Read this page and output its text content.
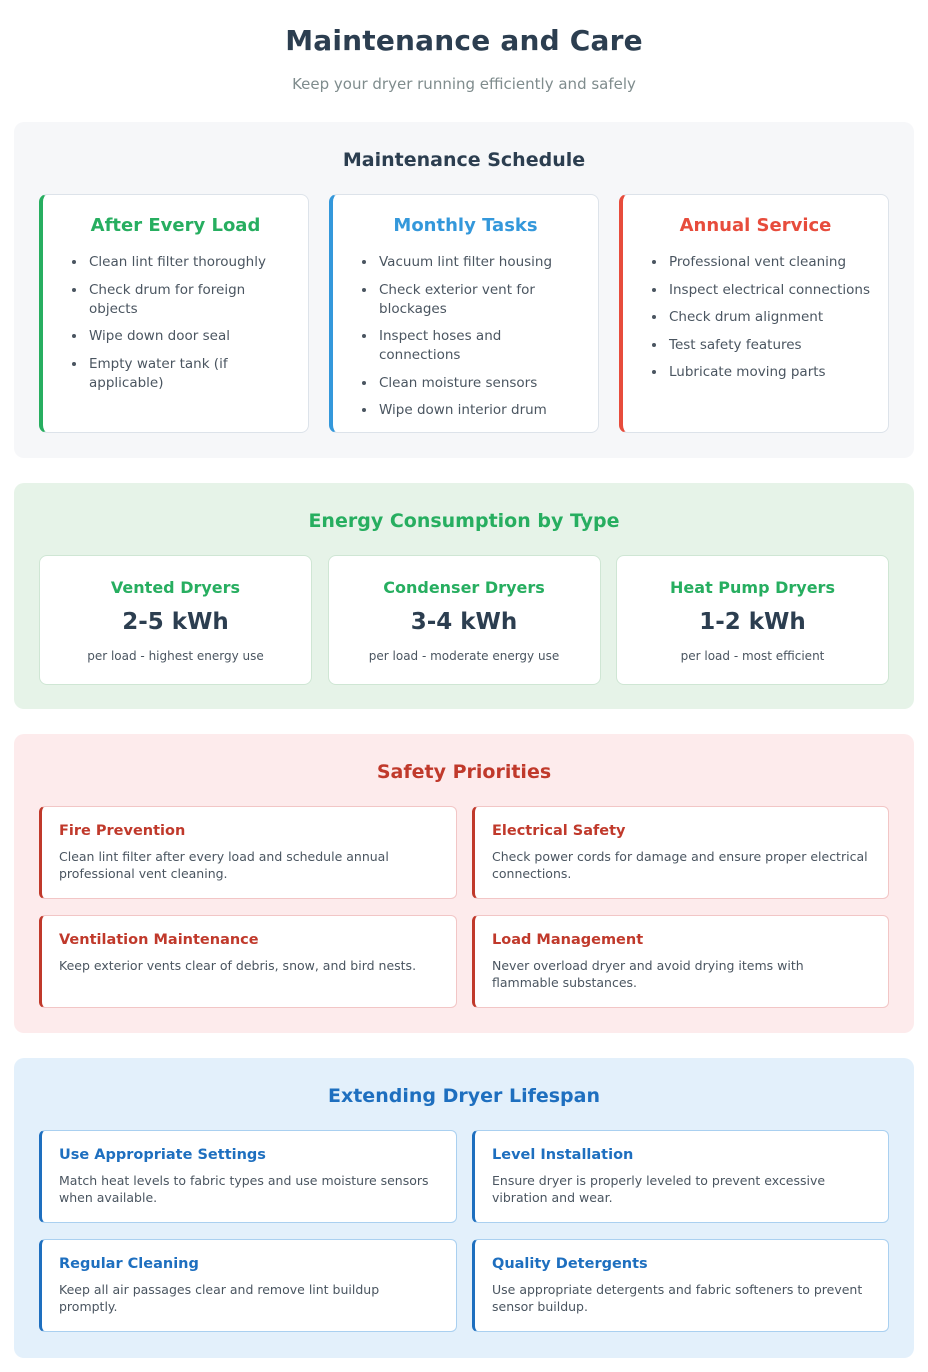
Maintenance and Care

Keep your dryer running efficiently and safely

Maintenance Schedule
After Every Load
• Clean lint filter thoroughly
• Check drum for foreign objects
• Wipe down door seal
• Empty water tank (if applicable)
Monthly Tasks
• Vacuum lint filter housing
• Check exterior vent for blockages
• Inspect hoses and connections
• Clean moisture sensors
• Wipe down interior drum
Annual Service
• Professional vent cleaning
• Inspect electrical connections
• Check drum alignment
• Test safety features
• Lubricate moving parts
Energy Consumption by Type
Vented Dryers
2-5 kWh
per load - highest energy use
Condenser Dryers
3-4 kWh
per load - moderate energy use
Heat Pump Dryers
1-2 kWh
per load - most efficient
Safety Priorities
Fire Prevention

Clean lint filter after every load and schedule annual professional vent cleaning.

Electrical Safety

Check power cords for damage and ensure proper electrical connections.

Ventilation Maintenance

Keep exterior vents clear of debris, snow, and bird nests.

Load Management

Never overload dryer and avoid drying items with flammable substances.

Extending Dryer Lifespan
Use Appropriate Settings

Match heat levels to fabric types and use moisture sensors when available.

Level Installation

Ensure dryer is properly leveled to prevent excessive vibration and wear.

Regular Cleaning

Keep all air passages clear and remove lint buildup promptly.

Quality Detergents

Use appropriate detergents and fabric softeners to prevent sensor buildup.
